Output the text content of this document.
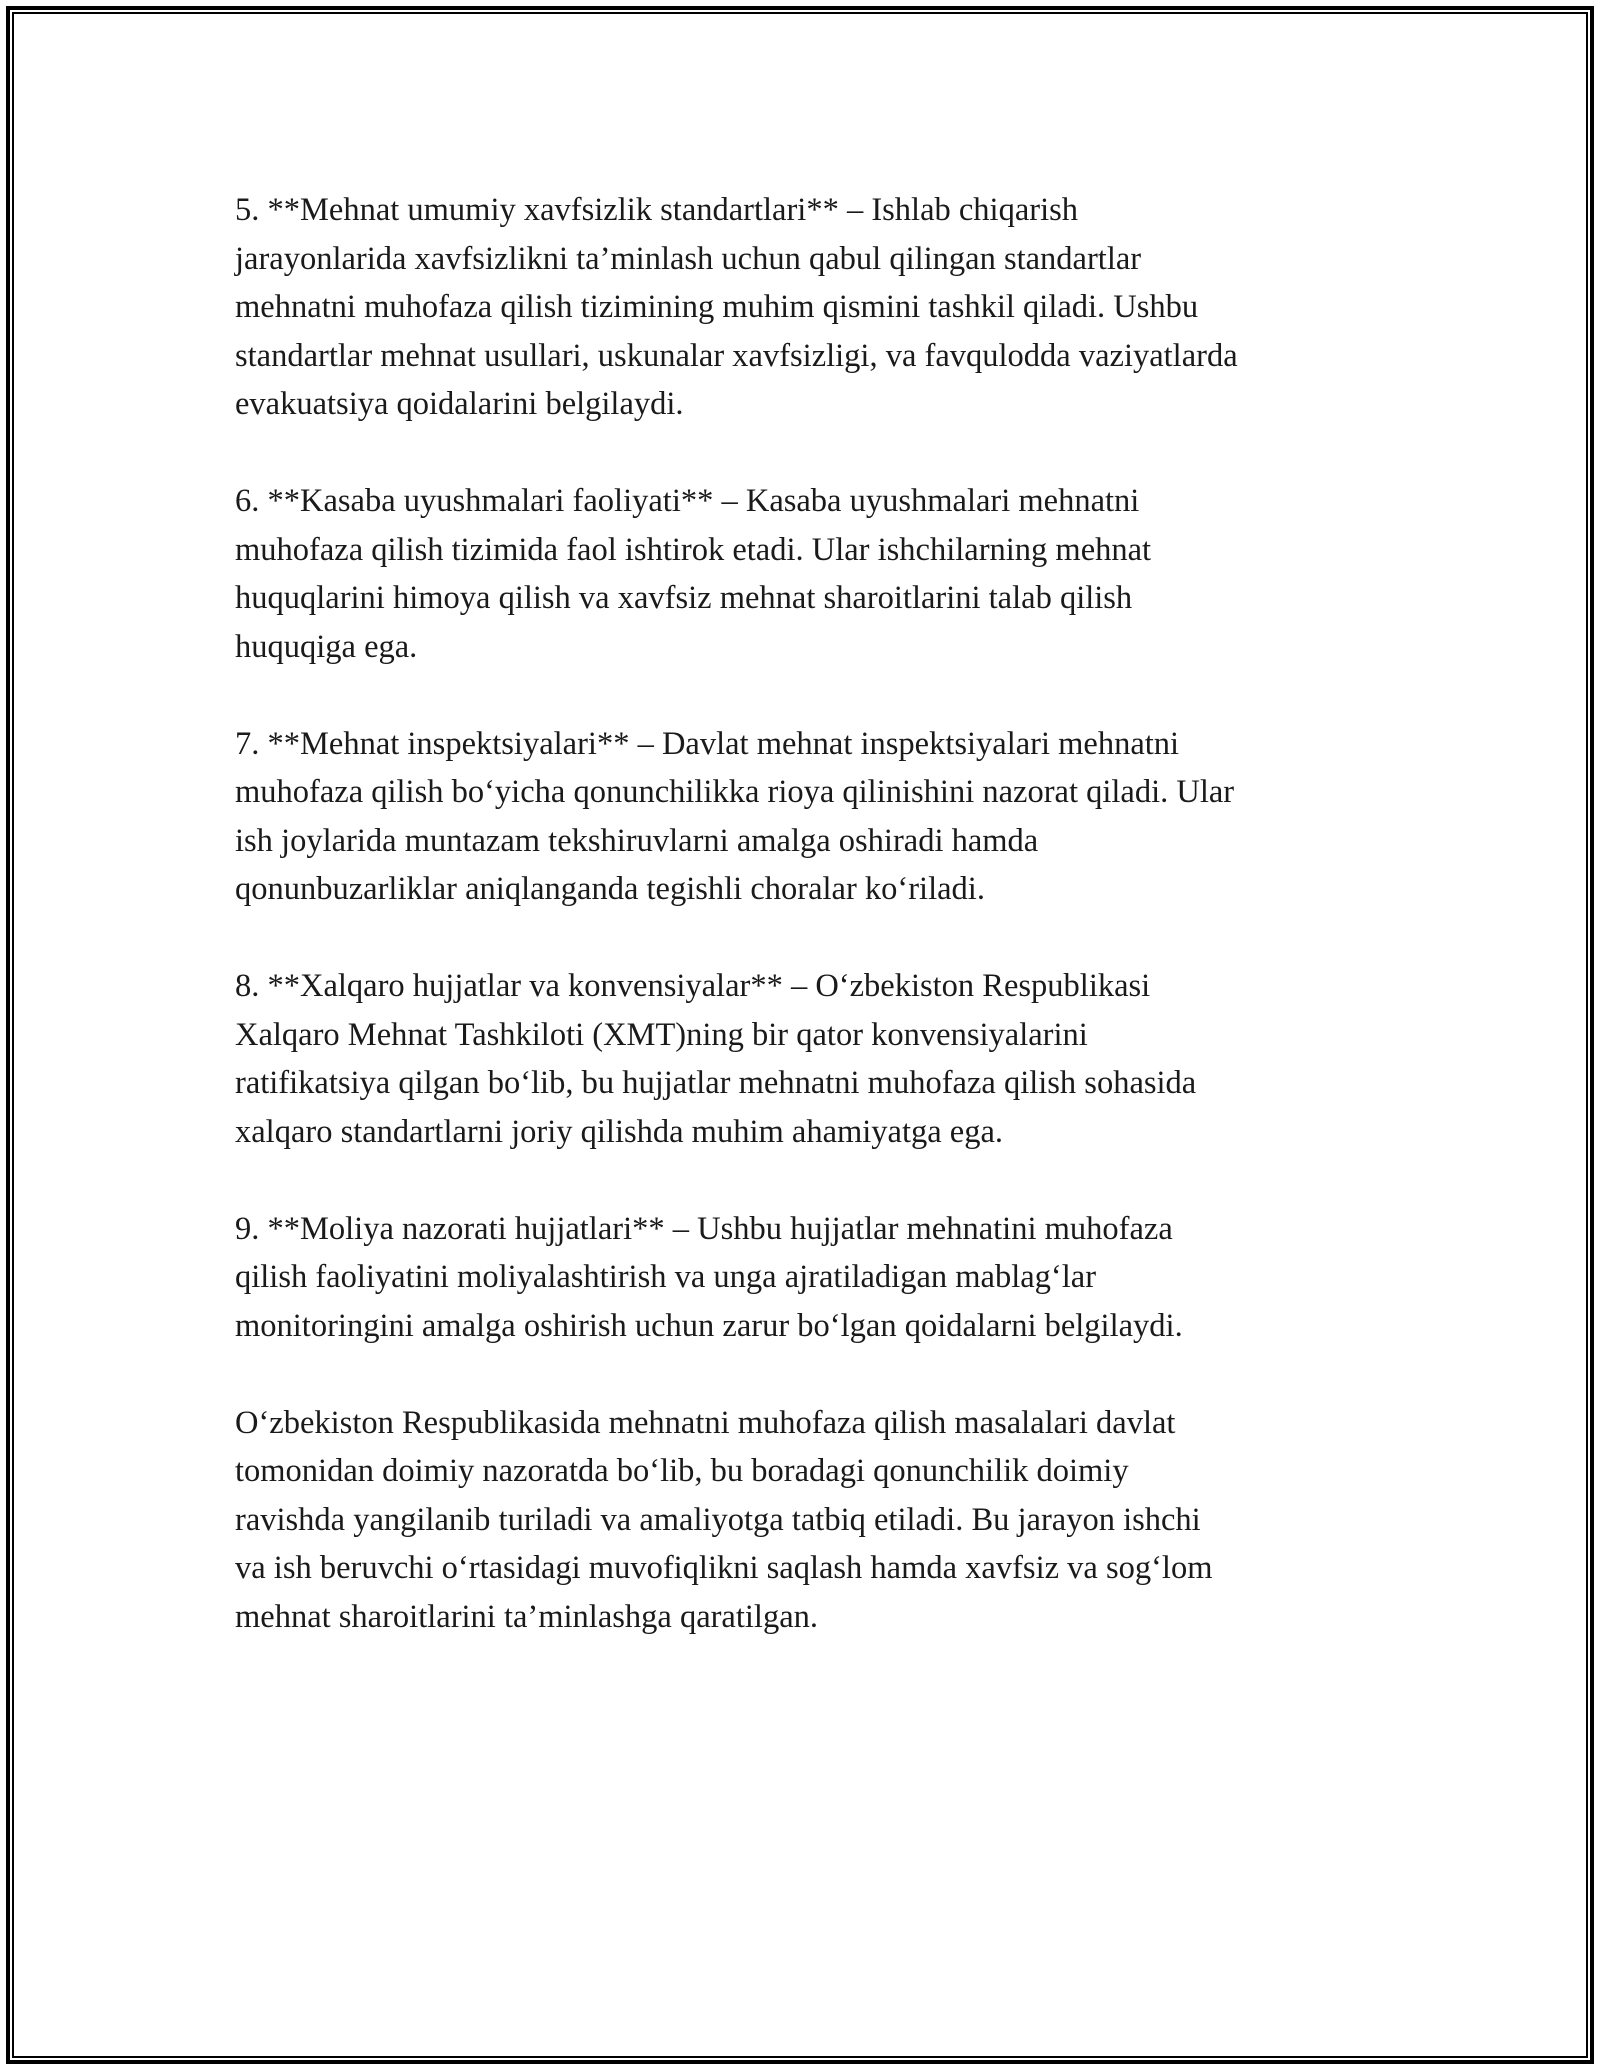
5. **Mehnat umumiy xavfsizlik standartlari** – Ishlab chiqarish
jarayonlarida xavfsizlikni ta’minlash uchun qabul qilingan standartlar
mehnatni muhofaza qilish tizimining muhim qismini tashkil qiladi. Ushbu
standartlar mehnat usullari, uskunalar xavfsizligi, va favqulodda vaziyatlarda
evakuatsiya qoidalarini belgilaydi.

6. **Kasaba uyushmalari faoliyati** – Kasaba uyushmalari mehnatni
muhofaza qilish tizimida faol ishtirok etadi. Ular ishchilarning mehnat
huquqlarini himoya qilish va xavfsiz mehnat sharoitlarini talab qilish
huquqiga ega.

7. **Mehnat inspektsiyalari** – Davlat mehnat inspektsiyalari mehnatni
muhofaza qilish bo‘yicha qonunchilikka rioya qilinishini nazorat qiladi. Ular
ish joylarida muntazam tekshiruvlarni amalga oshiradi hamda
qonunbuzarliklar aniqlanganda tegishli choralar ko‘riladi.

8. **Xalqaro hujjatlar va konvensiyalar** – O‘zbekiston Respublikasi
Xalqaro Mehnat Tashkiloti (XMT)ning bir qator konvensiyalarini
ratifikatsiya qilgan bo‘lib, bu hujjatlar mehnatni muhofaza qilish sohasida
xalqaro standartlarni joriy qilishda muhim ahamiyatga ega.

9. **Moliya nazorati hujjatlari** – Ushbu hujjatlar mehnatini muhofaza
qilish faoliyatini moliyalashtirish va unga ajratiladigan mablag‘lar
monitoringini amalga oshirish uchun zarur bo‘lgan qoidalarni belgilaydi.

O‘zbekiston Respublikasida mehnatni muhofaza qilish masalalari davlat
tomonidan doimiy nazoratda bo‘lib, bu boradagi qonunchilik doimiy
ravishda yangilanib turiladi va amaliyotga tatbiq etiladi. Bu jarayon ishchi
va ish beruvchi o‘rtasidagi muvofiqlikni saqlash hamda xavfsiz va sog‘lom
mehnat sharoitlarini ta’minlashga qaratilgan.
